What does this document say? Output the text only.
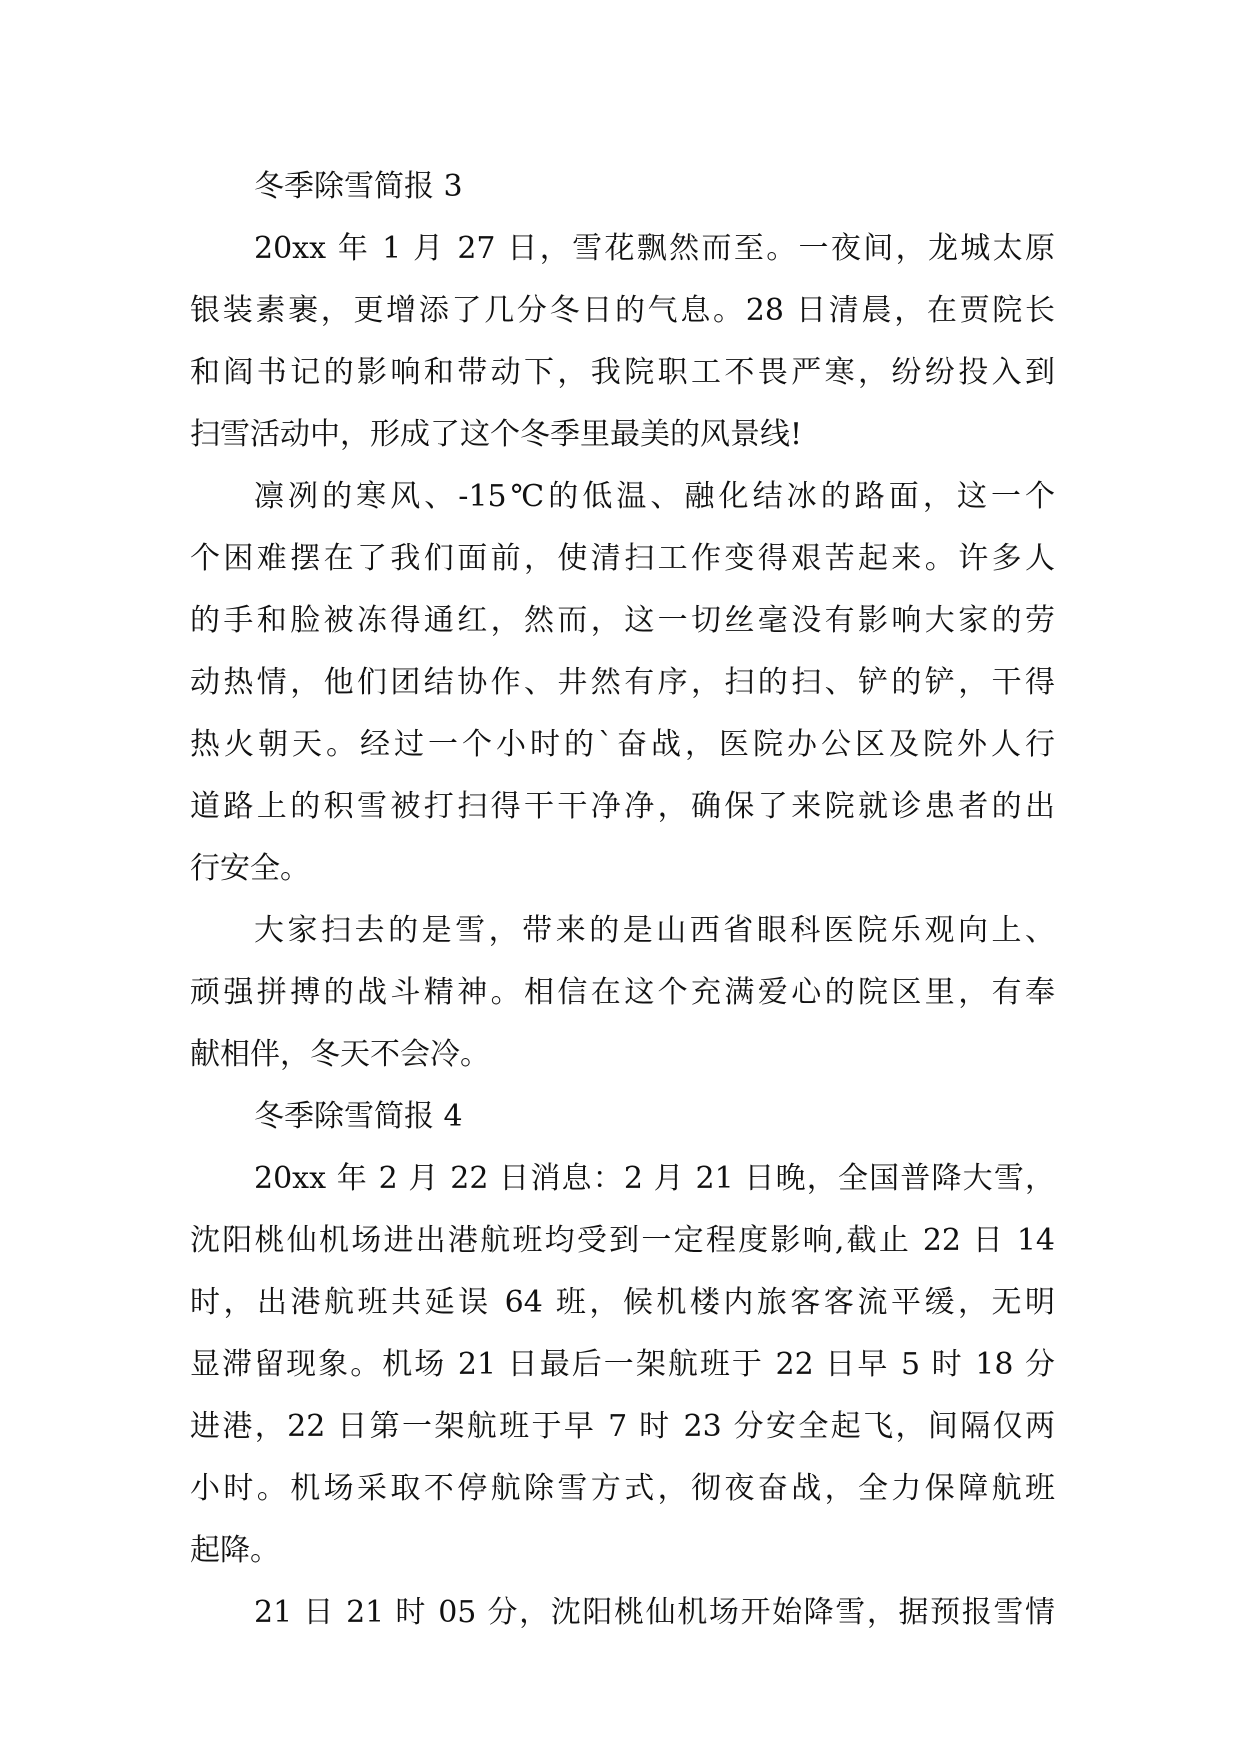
冬季除雪简报 3
20xx 年 1 月 27 日，雪花飘然而至。一夜间，龙城太原
银装素裹，更增添了几分冬日的气息。28 日清晨，在贾院长
和阎书记的影响和带动下，我院职工不畏严寒，纷纷投入到
扫雪活动中，形成了这个冬季里最美的风景线!
凛冽的寒风、-15℃的低温、融化结冰的路面，这一个
个困难摆在了我们面前，使清扫工作变得艰苦起来。许多人
的手和脸被冻得通红，然而，这一切丝毫没有影响大家的劳
动热情，他们团结协作、井然有序，扫的扫、铲的铲，干得
热火朝天。经过一个小时的`奋战，医院办公区及院外人行
道路上的积雪被打扫得干干净净，确保了来院就诊患者的出
行安全。
大家扫去的是雪，带来的是山西省眼科医院乐观向上、
顽强拼搏的战斗精神。相信在这个充满爱心的院区里，有奉
献相伴，冬天不会冷。
冬季除雪简报 4
20xx 年 2 月 22 日消息：2 月 21 日晚，全国普降大雪，
沈阳桃仙机场进出港航班均受到一定程度影响,截止 22 日 14
时，出港航班共延误 64 班，候机楼内旅客客流平缓，无明
显滞留现象。机场 21 日最后一架航班于 22 日早 5 时 18 分
进港，22 日第一架航班于早 7 时 23 分安全起飞，间隔仅两
小时。机场采取不停航除雪方式，彻夜奋战，全力保障航班
起降。
21 日 21 时 05 分，沈阳桃仙机场开始降雪，据预报雪情
